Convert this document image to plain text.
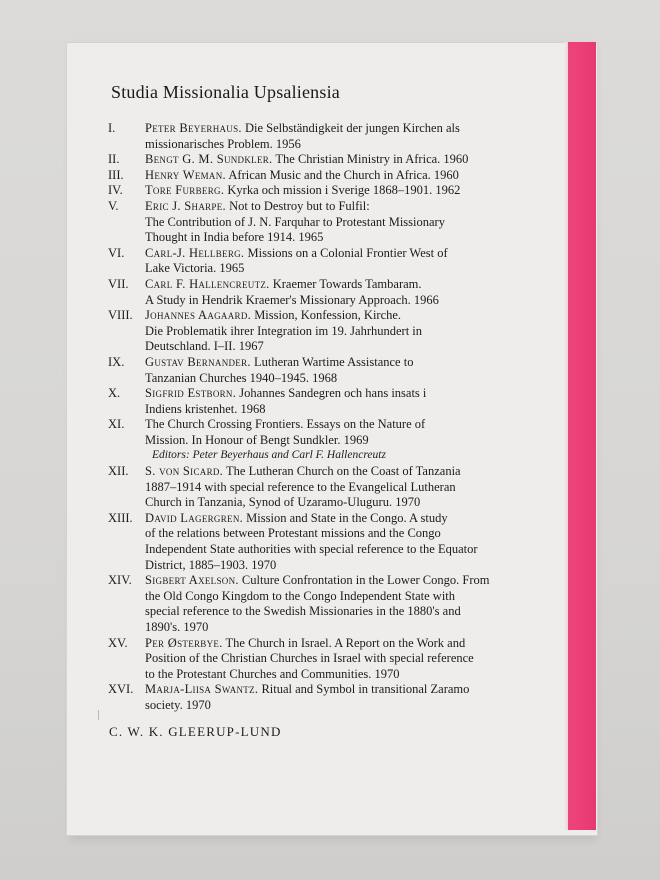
Studia Missionalia Upsaliensia
I. Peter Beyerhaus. Die Selbständigkeit der jungen Kirchen als
missionarisches Problem. 1956
II. Bengt G. M. Sundkler. The Christian Ministry in Africa. 1960
III. Henry Weman. African Music and the Church in Africa. 1960
IV. Tore Furberg. Kyrka och mission i Sverige 1868–1901. 1962
V. Eric J. Sharpe. Not to Destroy but to Fulfil:
The Contribution of J. N. Farquhar to Protestant Missionary
Thought in India before 1914. 1965
VI. Carl-J. Hellberg. Missions on a Colonial Frontier West of
Lake Victoria. 1965
VII. Carl F. Hallencreutz. Kraemer Towards Tambaram.
A Study in Hendrik Kraemer's Missionary Approach. 1966
VIII. Johannes Aagaard. Mission, Konfession, Kirche.
Die Problematik ihrer Integration im 19. Jahrhundert in
Deutschland. I–II. 1967
IX. Gustav Bernander. Lutheran Wartime Assistance to
Tanzanian Churches 1940–1945. 1968
X. Sigfrid Estborn. Johannes Sandegren och hans insats i
Indiens kristenhet. 1968
XI. The Church Crossing Frontiers. Essays on the Nature of
Mission. In Honour of Bengt Sundkler. 1969
Editors: Peter Beyerhaus and Carl F. Hallencreutz
XII. S. von Sicard. The Lutheran Church on the Coast of Tanzania
1887–1914 with special reference to the Evangelical Lutheran
Church in Tanzania, Synod of Uzaramo-Uluguru. 1970
XIII. David Lagergren. Mission and State in the Congo. A study
of the relations between Protestant missions and the Congo
Independent State authorities with special reference to the Equator
District, 1885–1903. 1970
XIV. Sigbert Axelson. Culture Confrontation in the Lower Congo. From
the Old Congo Kingdom to the Congo Independent State with
special reference to the Swedish Missionaries in the 1880's and
1890's. 1970
XV. Per Østerbye. The Church in Israel. A Report on the Work and
Position of the Christian Churches in Israel with special reference
to the Protestant Churches and Communities. 1970
XVI. Marja-Liisa Swantz. Ritual and Symbol in transitional Zaramo
society. 1970
C. W. K. GLEERUP-LUND
